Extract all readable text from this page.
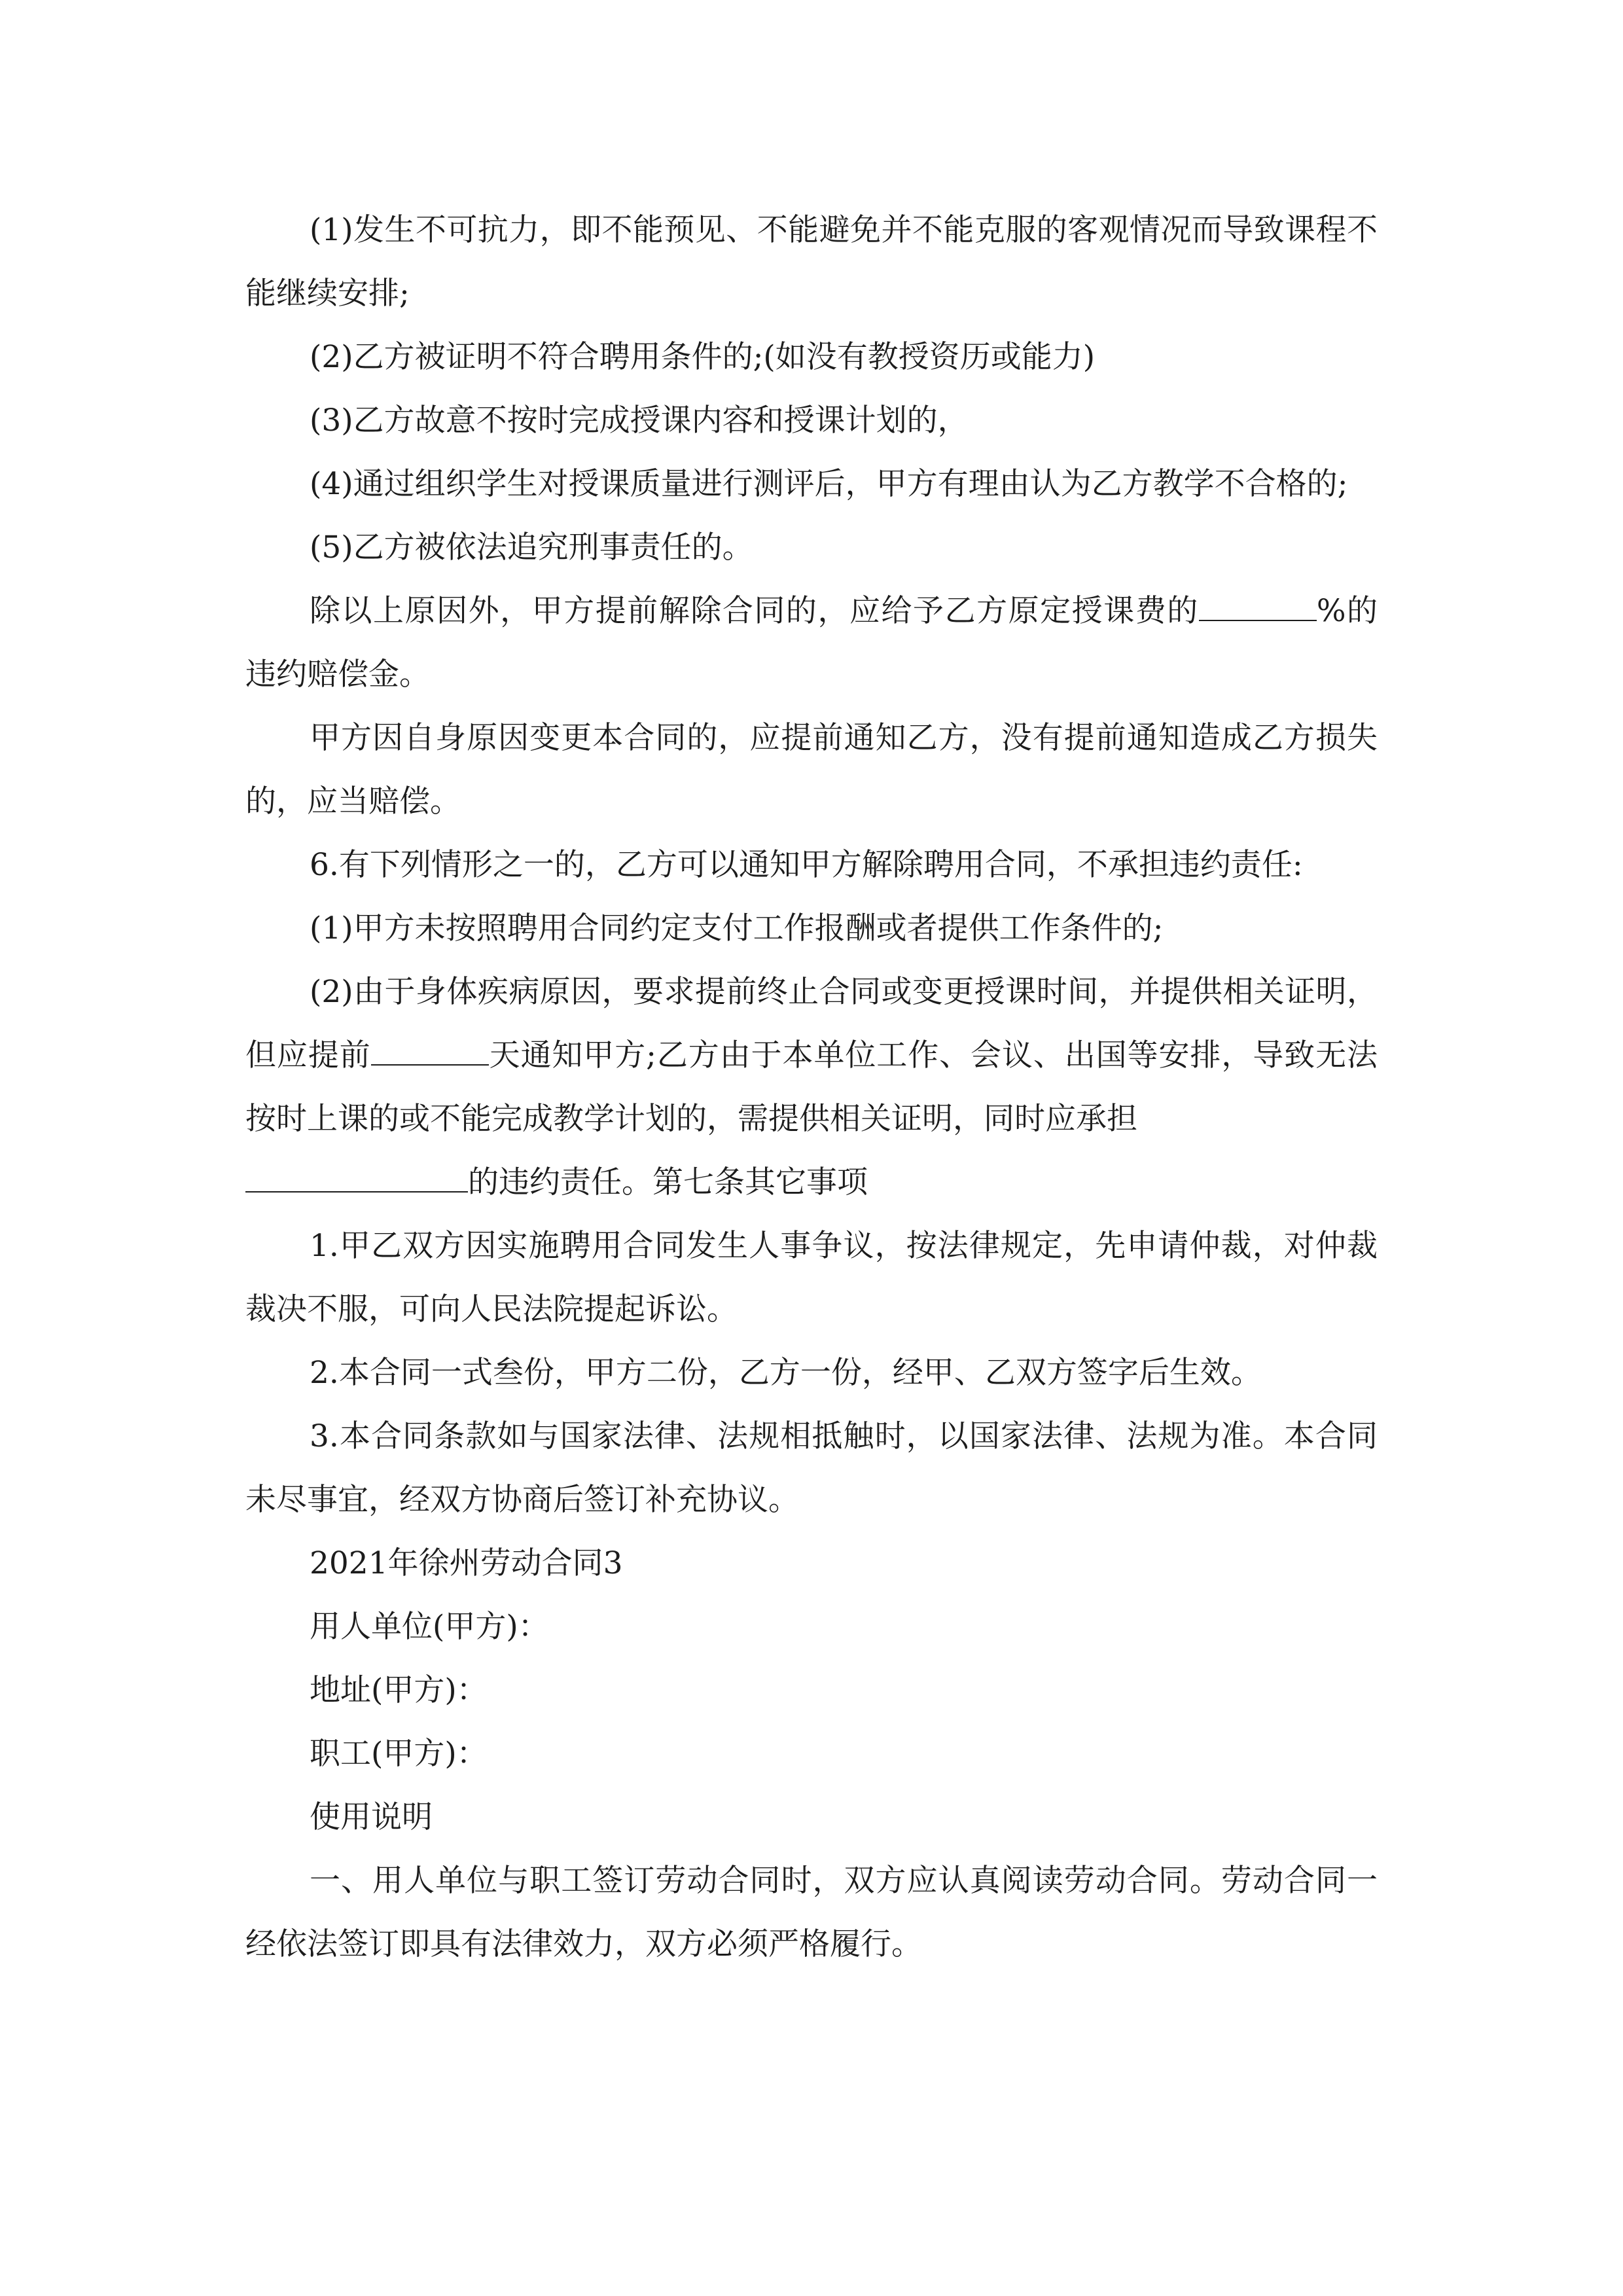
(1)发生不可抗力，即不能预见、不能避免并不能克服的客观情况而导致课程不能继续安排;

(2)乙方被证明不符合聘用条件的;(如没有教授资历或能力)

(3)乙方故意不按时完成授课内容和授课计划的，

(4)通过组织学生对授课质量进行测评后，甲方有理由认为乙方教学不合格的;

(5)乙方被依法追究刑事责任的。

除以上原因外，甲方提前解除合同的，应给予乙方原定授课费的	%的违约赔偿金。

甲方因自身原因变更本合同的，应提前通知乙方，没有提前通知造成乙方损失的，应当赔偿。

6.有下列情形之一的，乙方可以通知甲方解除聘用合同，不承担违约责任:

(1)甲方未按照聘用合同约定支付工作报酬或者提供工作条件的;

(2)由于身体疾病原因，要求提前终止合同或变更授课时间，并提供相关证明，但应提前	天通知甲方;乙方由于本单位工作、会议、出国等安排，导致无法按时上课的或不能完成教学计划的，需提供相关证明，同时应承担
的违约责任。第七条其它事项

1.甲乙双方因实施聘用合同发生人事争议，按法律规定，先申请仲裁，对仲裁裁决不服，可向人民法院提起诉讼。

2.本合同一式叁份，甲方二份，乙方一份，经甲、乙双方签字后生效。

3.本合同条款如与国家法律、法规相抵触时，以国家法律、法规为准。本合同未尽事宜，经双方协商后签订补充协议。

2021年徐州劳动合同3

用人单位(甲方)：

地址(甲方)：

职工(甲方)：

使用说明

一、用人单位与职工签订劳动合同时，双方应认真阅读劳动合同。劳动合同一经依法签订即具有法律效力，双方必须严格履行。
